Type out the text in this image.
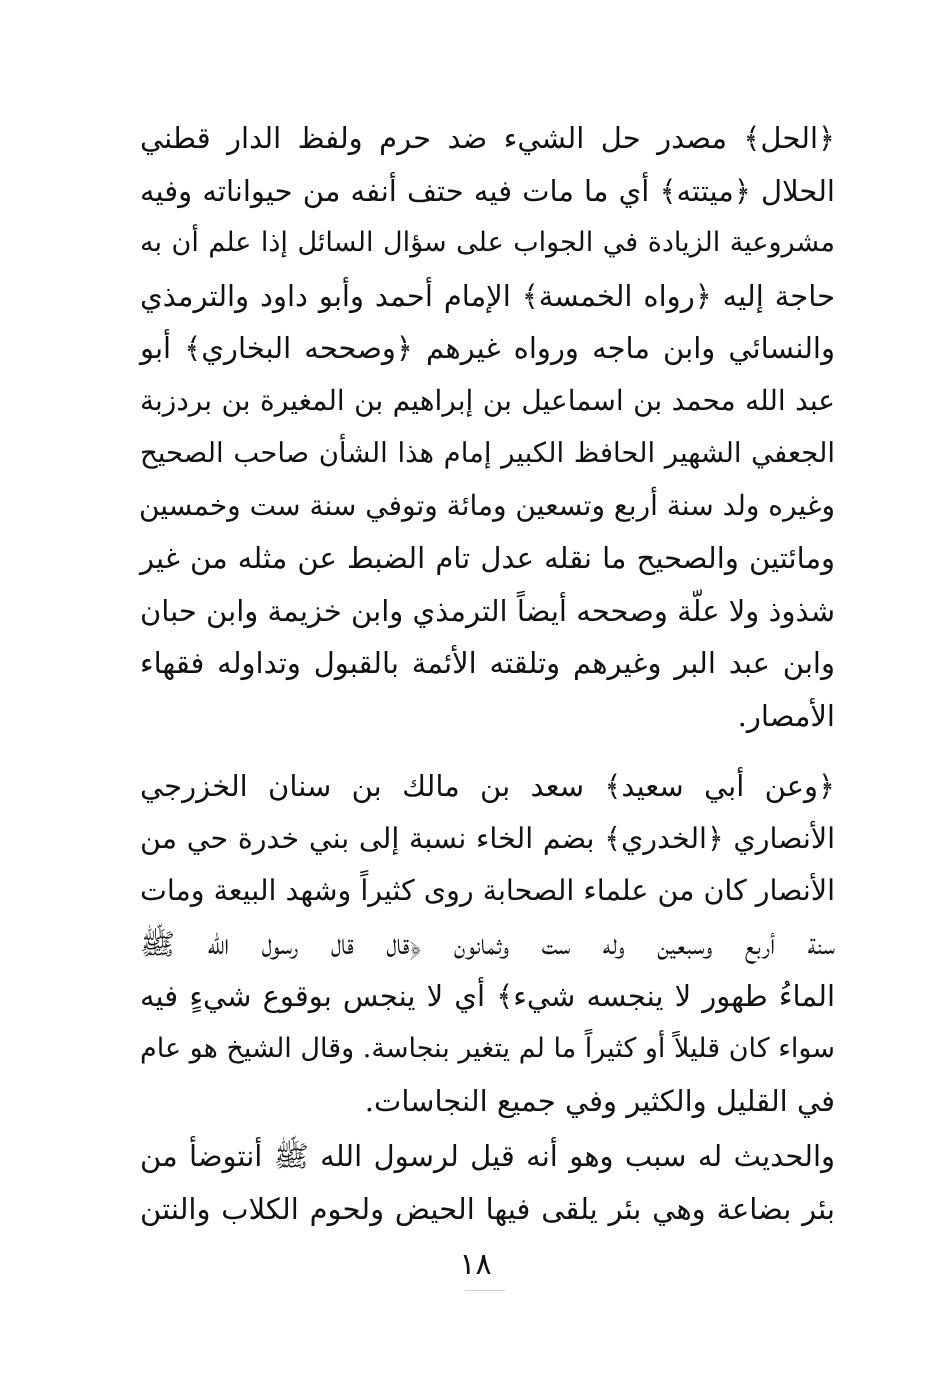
﴿الحل﴾ مصدر حل الشيء ضد حرم ولفظ الدار قطني
الحلال ﴿ميتته﴾ أي ما مات فيه حتف أنفه من حيواناته وفيه
مشروعية الزيادة في الجواب على سؤال السائل إذا علم أن به
حاجة إليه ﴿رواه الخمسة﴾ الإمام أحمد وأبو داود والترمذي
والنسائي وابن ماجه ورواه غيرهم ﴿وصححه البخاري﴾ أبو
عبد الله محمد بن اسماعيل بن إبراهيم بن المغيرة بن بردزبة
الجعفي الشهير الحافظ الكبير إمام هذا الشأن صاحب الصحيح
وغيره ولد سنة أربع وتسعين ومائة وتوفي سنة ست وخمسين
ومائتين والصحيح ما نقله عدل تام الضبط عن مثله من غير
شذوذ ولا علّة وصححه أيضاً الترمذي وابن خزيمة وابن حبان
وابن عبد البر وغيرهم وتلقته الأئمة بالقبول وتداوله فقهاء
الأمصار.
﴿وعن أبي سعيد﴾ سعد بن مالك بن سنان الخزرجي
الأنصاري ﴿الخدري﴾ بضم الخاء نسبة إلى بني خدرة حي من
الأنصار كان من علماء الصحابة روى كثيراً وشهد البيعة ومات
سنة أربع وسبعين وله ست وثمانون ﴿قال قال رسول الله ﷺ
الماءُ طهور لا ينجسه شيء﴾ أي لا ينجس بوقوع شيءٍ فيه
سواء كان قليلاً أو كثيراً ما لم يتغير بنجاسة. وقال الشيخ هو عام
في القليل والكثير وفي جميع النجاسات.
والحديث له سبب وهو أنه قيل لرسول الله ﷺ أنتوضأ من
بئر بضاعة وهي بئر يلقى فيها الحيض ولحوم الكلاب والنتن
١٨
